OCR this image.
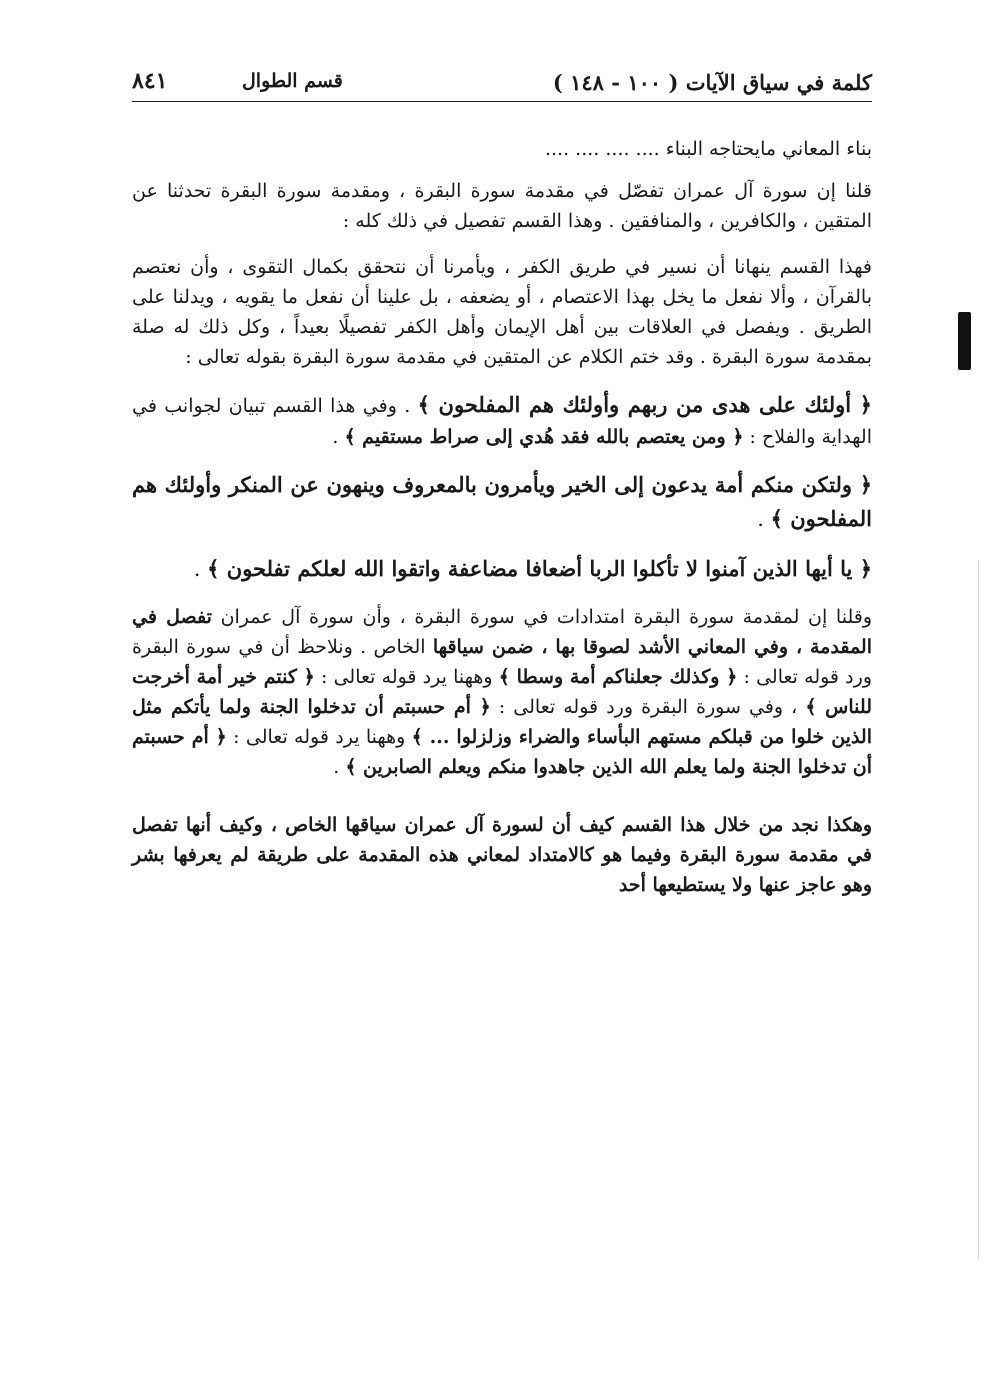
كلمة في سياق الآيات ( ١٠٠ - ١٤٨ )
قسم الطوال
٨٤١

بناء المعاني مايحتاجه البناء .... .... .... ....

قلنا إن سورة آل عمران تفصّل في مقدمة سورة البقرة ، ومقدمة سورة البقرة تحدثنا عن المتقين ، والكافرين ، والمنافقين . وهذا القسم تفصيل في ذلك كله :

فهذا القسم ينهانا أن نسير في طريق الكفر ، ويأمرنا أن نتحقق بكمال التقوى ، وأن نعتصم بالقرآن ، وألا نفعل ما يخل بهذا الاعتصام ، أو يضعفه ، بل علينا أن نفعل ما يقويه ، ويدلنا على الطريق . ويفصل في العلاقات بين أهل الإيمان وأهل الكفر تفصيلًا بعيداً ، وكل ذلك له صلة بمقدمة سورة البقرة . وقد ختم الكلام عن المتقين في مقدمة سورة البقرة بقوله تعالى :

﴿ أولئك على هدى من ربهم وأولئك هم المفلحون ﴾ . وفي هذا القسم تبيان لجوانب في الهداية والفلاح : ﴿ ومن يعتصم بالله فقد هُدي إلى صراط مستقيم ﴾ .

﴿ ولتكن منكم أمة يدعون إلى الخير ويأمرون بالمعروف وينهون عن المنكر وأولئك هم المفلحون ﴾ .

﴿ يا أيها الذين آمنوا لا تأكلوا الربا أضعافا مضاعفة واتقوا الله لعلكم تفلحون ﴾ .

وقلنا إن لمقدمة سورة البقرة امتدادات في سورة البقرة ، وأن سورة آل عمران تفصل في المقدمة ، وفي المعاني الأشد لصوقا بها ، ضمن سياقها الخاص . ونلاحظ أن في سورة البقرة ورد قوله تعالى : ﴿ وكذلك جعلناكم أمة وسطا ﴾ وههنا يرد قوله تعالى : ﴿ كنتم خير أمة أخرجت للناس ﴾ ، وفي سورة البقرة ورد قوله تعالى : ﴿ أم حسبتم أن تدخلوا الجنة ولما يأتكم مثل الذين خلوا من قبلكم مستهم البأساء والضراء وزلزلوا ... ﴾ وههنا يرد قوله تعالى : ﴿ أم حسبتم أن تدخلوا الجنة ولما يعلم الله الذين جاهدوا منكم ويعلم الصابرين ﴾ .

وهكذا نجد من خلال هذا القسم كيف أن لسورة آل عمران سياقها الخاص ، وكيف أنها تفصل في مقدمة سورة البقرة وفيما هو كالامتداد لمعاني هذه المقدمة على طريقة لم يعرفها بشر وهو عاجز عنها ولا يستطيعها أحد
